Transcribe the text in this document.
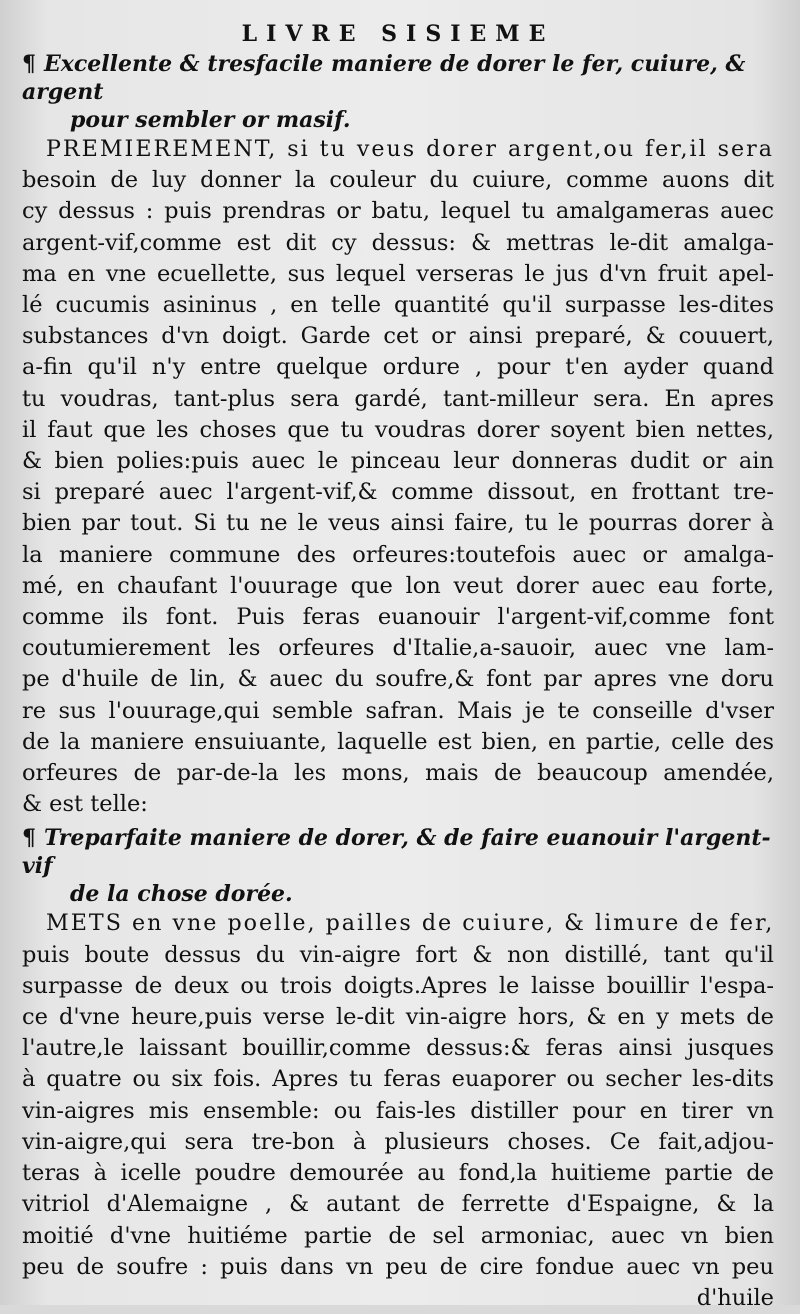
LIVRE SISIEME
¶ Excellente & tresfacile maniere de dorer le fer, cuiure, & argent
pour sembler or masif.
PREMIEREMENT, si tu veus dorer argent,ou fer,il sera
besoin de luy donner la couleur du cuiure, comme auons dit
cy dessus : puis prendras or batu, lequel tu amalgameras auec
argent-vif,comme est dit cy dessus: & mettras le-dit amalga-
ma en vne ecuellette, sus lequel verseras le jus d'vn fruit apel-
lé cucumis asininus , en telle quantité qu'il surpasse les-dites
substances d'vn doigt. Garde cet or ainsi preparé, & couuert,
a-fin qu'il n'y entre quelque ordure , pour t'en ayder quand
tu voudras, tant-plus sera gardé, tant-milleur sera. En apres
il faut que les choses que tu voudras dorer soyent bien nettes,
& bien polies:puis auec le pinceau leur donneras dudit or ain
si preparé auec l'argent-vif,& comme dissout, en frottant tre-
bien par tout. Si tu ne le veus ainsi faire, tu le pourras dorer à
la maniere commune des orfeures:toutefois auec or amalga-
mé, en chaufant l'ouurage que lon veut dorer auec eau forte,
comme ils font. Puis feras euanouir l'argent-vif,comme font
coutumierement les orfeures d'Italie,a-sauoir, auec vne lam-
pe d'huile de lin, & auec du soufre,& font par apres vne doru
re sus l'ouurage,qui semble safran. Mais je te conseille d'vser
de la maniere ensuiuante, laquelle est bien, en partie, celle des
orfeures de par-de-la les mons, mais de beaucoup amendée,
& est telle:
¶ Treparfaite maniere de dorer, & de faire euanouir l'argent-vif
de la chose dorée.
METS en vne poelle, pailles de cuiure, & limure de fer,
puis boute dessus du vin-aigre fort & non distillé, tant qu'il
surpasse de deux ou trois doigts.Apres le laisse bouillir l'espa-
ce d'vne heure,puis verse le-dit vin-aigre hors, & en y mets de
l'autre,le laissant bouillir,comme dessus:& feras ainsi jusques
à quatre ou six fois. Apres tu feras euaporer ou secher les-dits
vin-aigres mis ensemble: ou fais-les distiller pour en tirer vn
vin-aigre,qui sera tre-bon à plusieurs choses. Ce fait,adjou-
teras à icelle poudre demourée au fond,la huitieme partie de
vitriol d'Alemaigne , & autant de ferrette d'Espaigne, & la
moitié d'vne huitiéme partie de sel armoniac, auec vn bien
peu de soufre : puis dans vn peu de cire fondue auec vn peu
d'huile
